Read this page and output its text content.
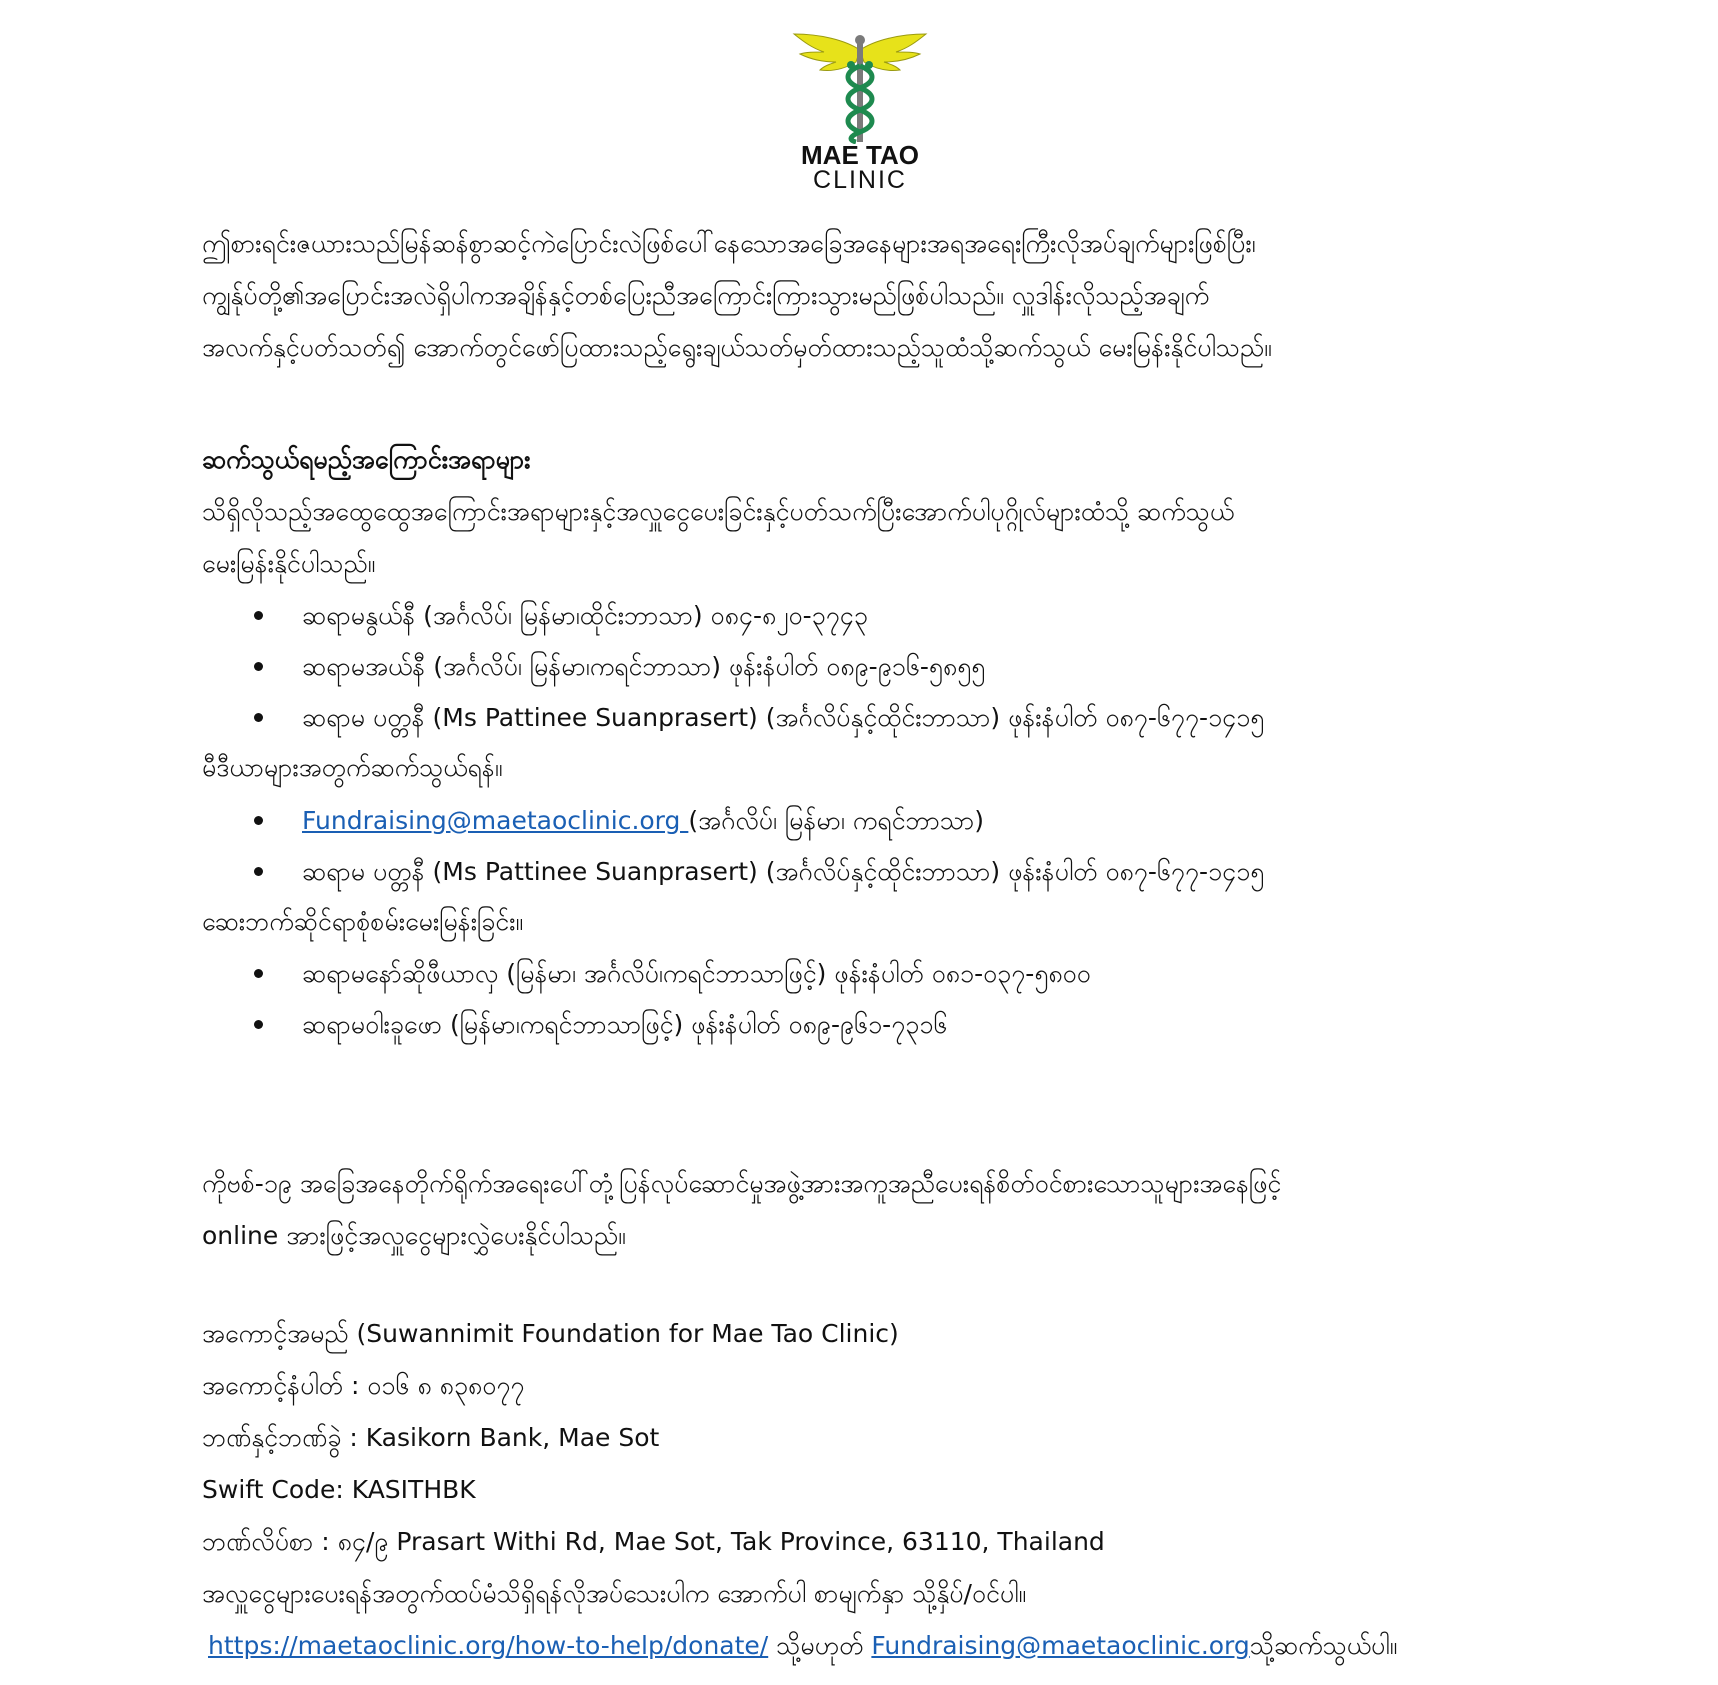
MAE TAO
CLINIC
ဤစားရင်းဇယားသည်မြန်ဆန်စွာဆင့်ကဲပြောင်းလဲဖြစ်ပေါ်နေသောအခြေအနေများအရအရေးကြီးလိုအပ်ချက်များဖြစ်ပြီး၊
ကျွန်ုပ်တို့၏အပြောင်းအလဲရှိပါကအချိန်နှင့်တစ်ပြေးညီအကြောင်းကြားသွားမည်ဖြစ်ပါသည်။ လှူဒါန်းလိုသည့်အချက်
အလက်နှင့်ပတ်သတ်၍ အောက်တွင်ဖော်ပြထားသည့်ရွေးချယ်သတ်မှတ်ထားသည့်သူထံသို့ဆက်သွယ် မေးမြန်းနိုင်ပါသည်။
ဆက်သွယ်ရမည့်အကြောင်းအရာများ
သိရှိလိုသည့်အထွေထွေအကြောင်းအရာများနှင့်အလှူငွေပေးခြင်းနှင့်ပတ်သက်ပြီးအောက်ပါပုဂ္ဂိုလ်များထံသို့ ဆက်သွယ်
မေးမြန်းနိုင်ပါသည်။
ဆရာမနွယ်နီ (အင်္ဂလိပ်၊ မြန်မာ၊ထိုင်းဘာသာ) ၀၈၄-၈၂၀-၃၇၄၃
ဆရာမအယ်နီ (အင်္ဂလိပ်၊ မြန်မာ၊ကရင်ဘာသာ) ဖုန်းနံပါတ် ၀၈၉-၉၁၆-၅၈၅၅
ဆရာမ ပတ္တနီ (Ms Pattinee Suanprasert) (အင်္ဂလိပ်နှင့်ထိုင်းဘာသာ) ဖုန်းနံပါတ် ၀၈၇-၆၇၇-၁၄၁၅
မီဒီယာများအတွက်ဆက်သွယ်ရန်။
Fundraising@maetaoclinic.org (အင်္ဂလိပ်၊ မြန်မာ၊ ကရင်ဘာသာ)
ဆရာမ ပတ္တနီ (Ms Pattinee Suanprasert) (အင်္ဂလိပ်နှင့်ထိုင်းဘာသာ) ဖုန်းနံပါတ် ၀၈၇-၆၇၇-၁၄၁၅
ဆေးဘက်ဆိုင်ရာစုံစမ်းမေးမြန်းခြင်း။
ဆရာမနော်ဆိုဖီယာလှ (မြန်မာ၊ အင်္ဂလိပ်၊ကရင်ဘာသာဖြင့်) ဖုန်းနံပါတ် ၀၈၁-၀၃၇-၅၈၀၀
ဆရာမ၀ါးခူဖော (မြန်မာ၊ကရင်ဘာသာဖြင့်) ဖုန်းနံပါတ် ၀၈၉-၉၆၁-၇၃၁၆
ကိုဗစ်-၁၉ အခြေအနေတိုက်ရိုက်အရေးပေါ်တုံ့ပြန်လုပ်ဆောင်မှုအဖွဲ့အားအကူအညီပေးရန်စိတ်ဝင်စားသောသူများအနေဖြင့်
online အားဖြင့်အလှူငွေများလွှဲပေးနိုင်ပါသည်။
အကောင့်အမည် (Suwannimit Foundation for Mae Tao Clinic)
အကောင့်နံပါတ် : ၀၁၆ ၈ ၈၃၈၀၇၇
ဘဏ်နှင့်ဘဏ်ခွဲ : Kasikorn Bank, Mae Sot
Swift Code: KASITHBK
ဘဏ်လိပ်စာ : ၈၄/၉ Prasart Withi Rd, Mae Sot, Tak Province, 63110, Thailand
အလှူငွေများပေးရန်အတွက်ထပ်မံသိရှိရန်လိုအပ်သေးပါက အောက်ပါ စာမျက်နှာ သို့နှိပ်/ဝင်ပါ။
https://maetaoclinic.org/how-to-help/donate/ သို့မဟုတ် Fundraising@maetaoclinic.orgသို့ဆက်သွယ်ပါ။
